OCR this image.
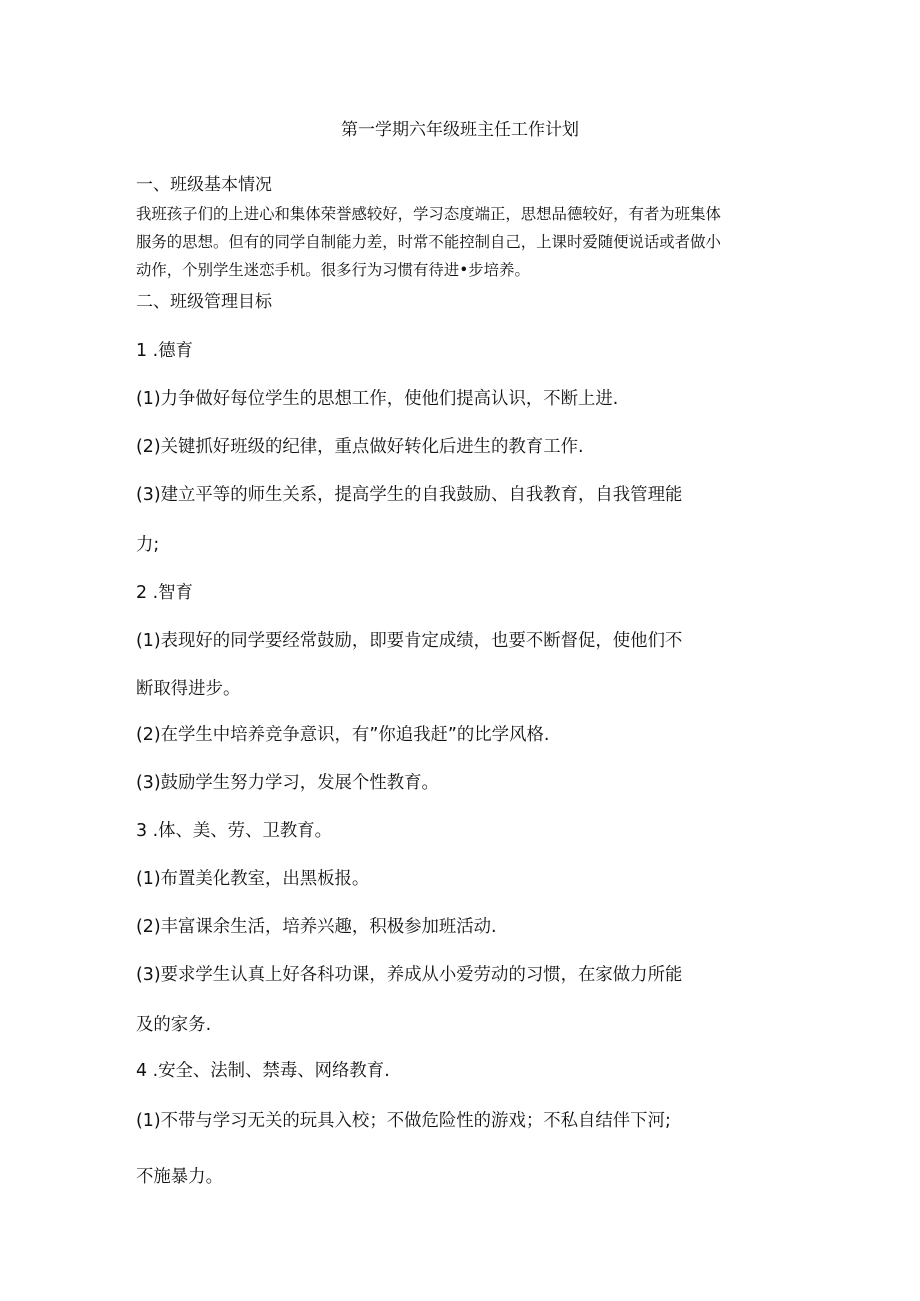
第一学期六年级班主任工作计划
一、班级基本情况
我班孩子们的上进心和集体荣誉感较好，学习态度端正，思想品德较好，有者为班集体
服务的思想。但有的同学自制能力差，时常不能控制自己，上课时爱随便说话或者做小
动作，个别学生迷恋手机。很多行为习惯有待进•步培养。
二、班级管理目标
1 .德育
(1)力争做好每位学生的思想工作，使他们提高认识，不断上进.
(2)关键抓好班级的纪律，重点做好转化后进生的教育工作.
(3)建立平等的师生关系，提高学生的自我鼓励、自我教育，自我管理能
力;
2 .智育
(1)表现好的同学要经常鼓励，即要肯定成绩，也要不断督促，使他们不
断取得进步。
(2)在学生中培养竞争意识，有”你追我赶”的比学风格.
(3)鼓励学生努力学习，发展个性教育。
3 .体、美、劳、卫教育。
(1)布置美化教室，出黑板报。
(2)丰富课余生活，培养兴趣，积极参加班活动.
(3)要求学生认真上好各科功课，养成从小爱劳动的习惯，在家做力所能
及的家务.
4 .安全、法制、禁毒、网络教育.
(1)不带与学习无关的玩具入校；不做危险性的游戏；不私自结伴下河;
不施暴力。
